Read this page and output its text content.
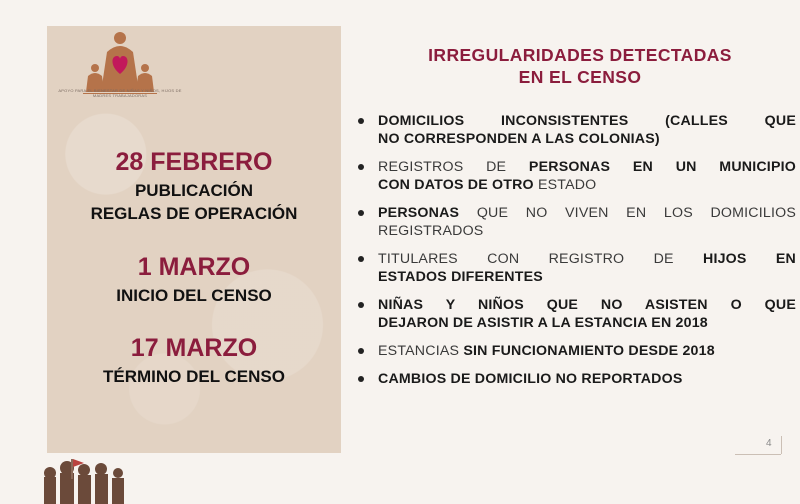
APOYO PARA EL BIENESTAR DE NIÑAS Y NIÑOS, HIJOS DE MADRES TRABAJADORAS
28 FEBRERO
PUBLICACIÓN
REGLAS DE OPERACIÓN
1 MARZO
INICIO DEL CENSO
17 MARZO
TÉRMINO DEL CENSO
IRREGULARIDADES DETECTADAS
EN EL CENSO
DOMICILIOS INCONSISTENTES (CALLES QUE
NO CORRESPONDEN A LAS COLONIAS)
REGISTROS DE PERSONAS EN UN MUNICIPIO
CON DATOS DE OTRO ESTADO
PERSONAS QUE NO VIVEN EN LOS DOMICILIOS
REGISTRADOS
TITULARES CON REGISTRO DE HIJOS EN
ESTADOS DIFERENTES
NIÑAS Y NIÑOS QUE NO ASISTEN O QUE
DEJARON DE ASISTIR A LA ESTANCIA EN 2018
ESTANCIAS SIN FUNCIONAMIENTO DESDE 2018
CAMBIOS DE DOMICILIO NO REPORTADOS
4
